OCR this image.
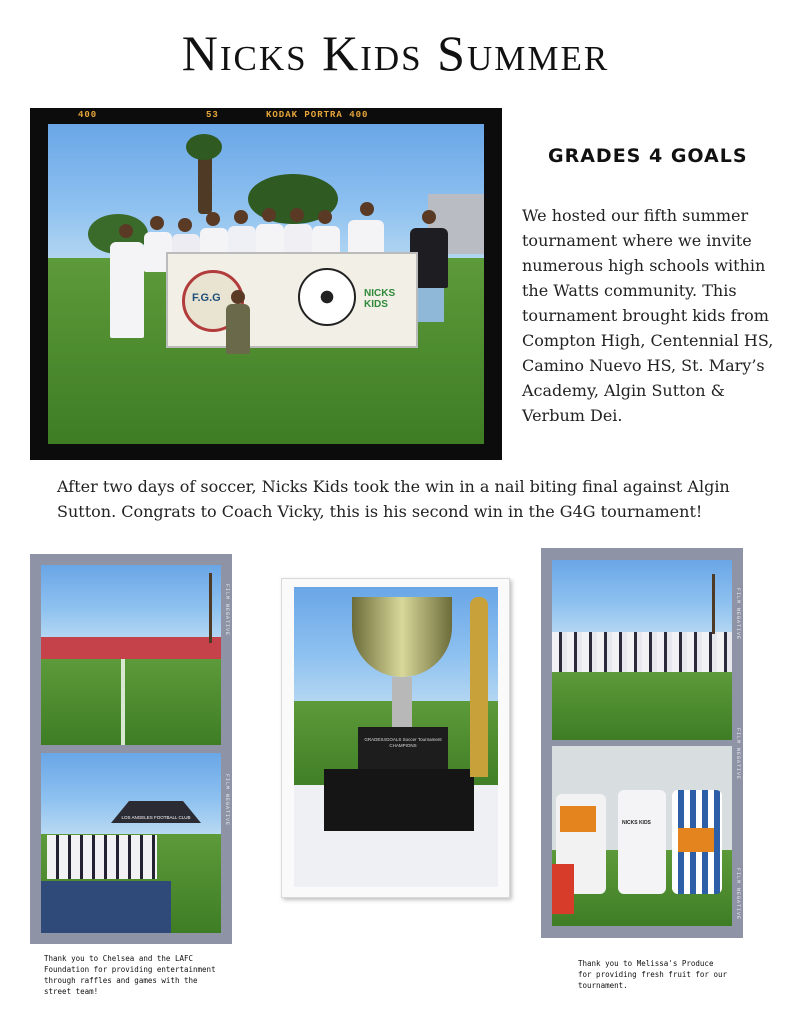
Nicks Kids Summer
400	53	KODAK PORTRA 400
F.G.G	NICKS KIDS
GRADES 4 GOALS
We hosted our fifth summer tournament where we invite numerous high schools within the Watts community. This tournament brought kids from Compton High, Centennial HS, Camino Nuevo HS, St. Mary’s Academy, Algin Sutton & Verbum Dei.
After two days of soccer, Nicks Kids took the win in a nail biting final against Algin Sutton. Congrats to Coach Vicky, this is his second win in the G4G tournament!
FILM NEGATIVE
FILM NEGATIVE
LOS ANGELES FOOTBALL CLUB
Thank you to Chelsea and the LAFC Foundation for providing entertainment through raffles and games with the street team!
GRADES4GOALS Soccer Tournament CHAMPIONS
FILM NEGATIVE
FILM NEGATIVE
FILM NEGATIVE
NICKS KIDS
Thank you to Melissa's Produce for providing fresh fruit for our tournament.
